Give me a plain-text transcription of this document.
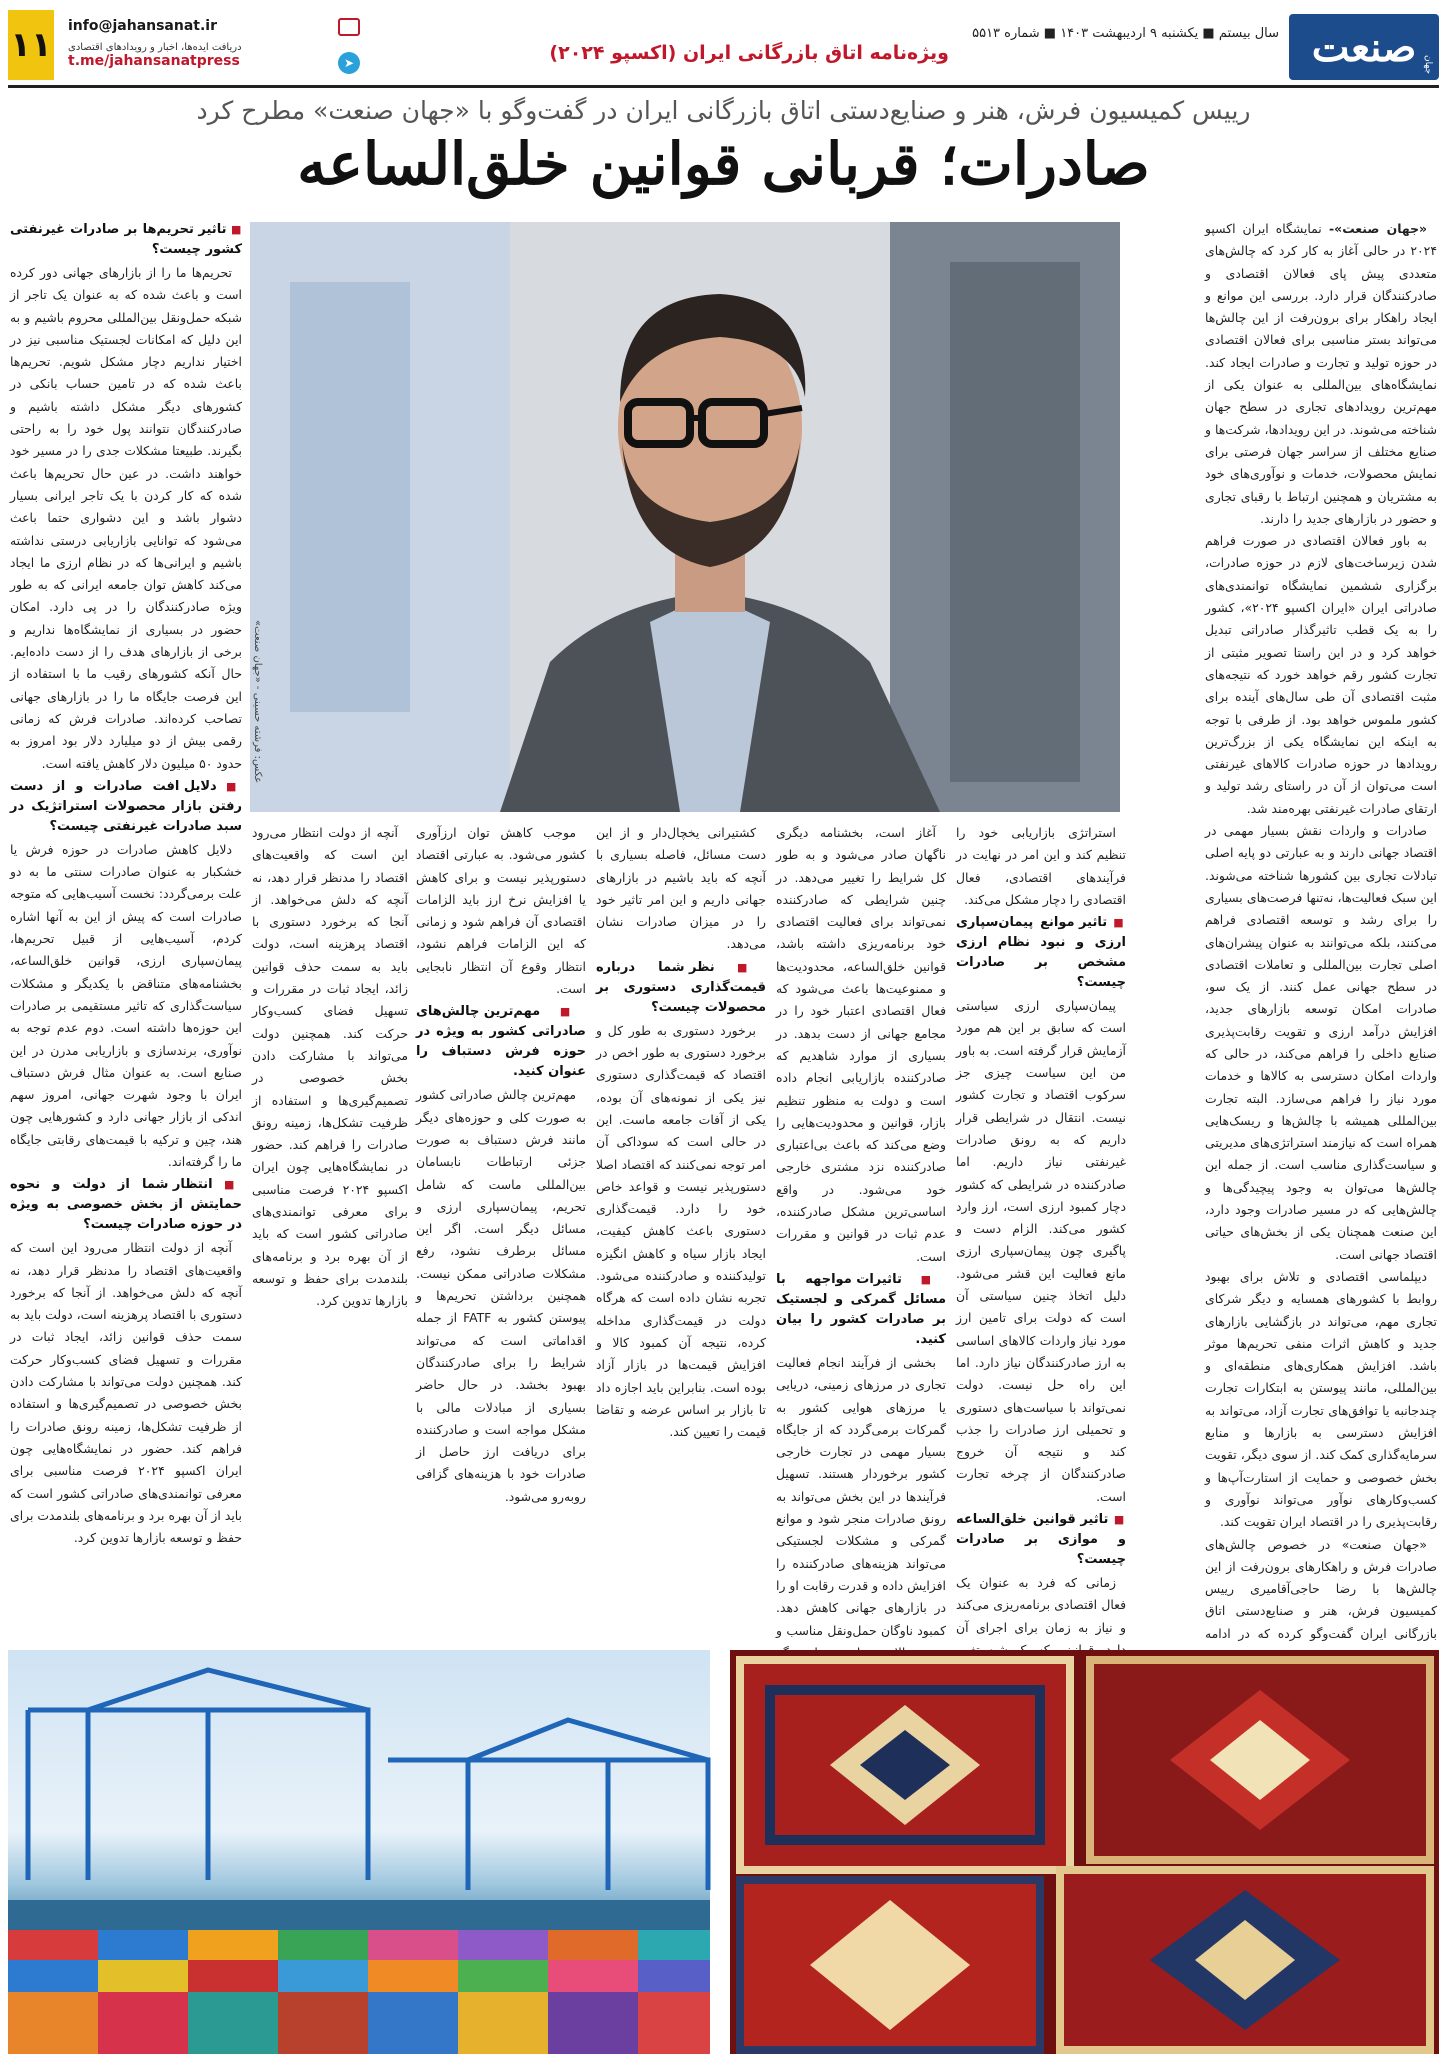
صنعت جهان
سال بیستم ■ یکشنبه ۹ اردیبهشت ۱۴۰۳ ■ شماره ۵۵۱۳
ویژه‌نامه اتاق بازرگانی ایران (اکسپو ۲۰۲۴)
➤
info@jahansanat.ir
دریافت ایده‌ها، اخبار و رویدادهای اقتصادی
t.me/jahansanatpress
۱۱
رییس کمیسیون فرش، هنر و صنایع‌دستی اتاق بازرگانی ایران در گفت‌وگو با «جهان صنعت» مطرح کرد
صادرات؛ قربانی قوانین خلق‌الساعه

«جهان صنعت»- نمایشگاه ایران اکسپو ۲۰۲۴ در حالی آغاز به کار کرد که چالش‌های متعددی پیش پای فعالان اقتصادی و صادرکنندگان قرار دارد. بررسی این موانع و ایجاد راهکار برای برون‌رفت از این چالش‌ها می‌تواند بستر مناسبی برای فعالان اقتصادی در حوزه تولید و تجارت و صادرات ایجاد کند. نمایشگاه‌های بین‌المللی به عنوان یکی از مهم‌ترین رویدادهای تجاری در سطح جهان شناخته می‌شوند. در این رویدادها، شرکت‌ها و صنایع مختلف از سراسر جهان فرصتی برای نمایش محصولات، خدمات و نوآوری‌های خود به مشتریان و همچنین ارتباط با رقبای تجاری و حضور در بازارهای جدید را دارند.

به باور فعالان اقتصادی در صورت فراهم شدن زیرساخت‌های لازم در حوزه صادرات، برگزاری ششمین نمایشگاه توانمندی‌های صادراتی ایران «ایران اکسپو ۲۰۲۴»، کشور را به یک قطب تاثیرگذار صادراتی تبدیل خواهد کرد و در این راستا تصویر مثبتی از تجارت کشور رقم خواهد خورد که نتیجه‌های مثبت اقتصادی آن طی سال‌های آینده برای کشور ملموس خواهد بود. از طرفی با توجه به اینکه این نمایشگاه یکی از بزرگ‌ترین رویدادها در حوزه صادرات کالاهای غیرنفتی است می‌توان از آن در راستای رشد تولید و ارتقای صادرات غیرنفتی بهره‌مند شد.

صادرات و واردات نقش بسیار مهمی در اقتصاد جهانی دارند و به عبارتی دو پایه اصلی تبادلات تجاری بین کشورها شناخته می‌شوند. این سبک فعالیت‌ها، نه‌تنها فرصت‌های بسیاری را برای رشد و توسعه اقتصادی فراهم می‌کنند، بلکه می‌توانند به عنوان پیشران‌های اصلی تجارت بین‌المللی و تعاملات اقتصادی در سطح جهانی عمل کنند. از یک سو، صادرات امکان توسعه بازارهای جدید، افزایش درآمد ارزی و تقویت رقابت‌پذیری صنایع داخلی را فراهم می‌کند، در حالی که واردات امکان دسترسی به کالاها و خدمات مورد نیاز را فراهم می‌سازد. البته تجارت بین‌المللی همیشه با چالش‌ها و ریسک‌هایی همراه است که نیازمند استراتژی‌های مدیریتی و سیاست‌گذاری مناسب است. از جمله این چالش‌ها می‌توان به وجود پیچیدگی‌ها و چالش‌هایی که در مسیر صادرات وجود دارد، این صنعت همچنان یکی از بخش‌های حیاتی اقتصاد جهانی است.

دیپلماسی اقتصادی و تلاش برای بهبود روابط با کشورهای همسایه و دیگر شرکای تجاری مهم، می‌تواند در بازگشایی بازارهای جدید و کاهش اثرات منفی تحریم‌ها موثر باشد. افزایش همکاری‌های منطقه‌ای و بین‌المللی، مانند پیوستن به ابتکارات تجارت چندجانبه یا توافق‌های تجارت آزاد، می‌تواند به افزایش دسترسی به بازارها و منابع سرمایه‌گذاری کمک کند. از سوی دیگر، تقویت بخش خصوصی و حمایت از استارت‌آپ‌ها و کسب‌وکارهای نوآور می‌تواند نوآوری و رقابت‌پذیری را در اقتصاد ایران تقویت کند.

«جهان صنعت» در خصوص چالش‌های صادرات فرش و راهکارهای برون‌رفت از این چالش‌ها با رضا حاجی‌آقامیری رییس کمیسیون فرش، هنر و صنایع‌دستی اتاق بازرگانی ایران گفت‌وگو کرده که در ادامه

■

■ تاثیر تحریم‌ها بر صادرات غیرنفتی کشور چیست؟

تحریم‌ها ما را از بازارهای جهانی دور کرده است و باعث شده که به عنوان یک تاجر از شبکه حمل‌ونقل بین‌المللی محروم باشیم و به این دلیل که امکانات لجستیک مناسبی نیز در اختیار نداریم دچار مشکل شویم. تحریم‌ها باعث شده که در تامین حساب بانکی در کشورهای دیگر مشکل داشته باشیم و صادرکنندگان نتوانند پول خود را به راحتی بگیرند. طبیعتا مشکلات جدی را در مسیر خود خواهند داشت. در عین حال تحریم‌ها باعث شده که کار کردن با یک تاجر ایرانی بسیار دشوار باشد و این دشواری حتما باعث می‌شود که توانایی بازاریابی درستی نداشته باشیم و ایرانی‌ها که در نظام ارزی ما ایجاد می‌کند کاهش توان جامعه ایرانی که به طور ویژه صادرکنندگان را در پی دارد. امکان حضور در بسیاری از نمایشگاه‌ها نداریم و برخی از بازارهای هدف را از دست داده‌ایم. حال آنکه کشورهای رقیب ما با استفاده از این فرصت جایگاه ما را در بازارهای جهانی تصاحب کرده‌اند. صادرات فرش که زمانی رقمی بیش از دو میلیارد دلار بود امروز به حدود ۵۰ میلیون دلار کاهش یافته است.

■ دلایل افت صادرات و از دست رفتن بازار محصولات استراتژیک در سبد صادرات غیرنفتی چیست؟

دلایل کاهش صادرات در حوزه فرش یا خشکبار به عنوان صادرات سنتی ما به دو علت برمی‌گردد: نخست آسیب‌هایی که متوجه صادرات است که پیش از این به آنها اشاره کردم، آسیب‌هایی از قبیل تحریم‌ها، پیمان‌سپاری ارزی، قوانین خلق‌الساعه، بخشنامه‌های متناقض با یکدیگر و مشکلات سیاست‌گذاری که تاثیر مستقیمی بر صادرات این حوزه‌ها داشته است. دوم عدم توجه به نوآوری، برندسازی و بازاریابی مدرن در این صنایع است. به عنوان مثال فرش دستباف ایران با وجود شهرت جهانی، امروز سهم اندکی از بازار جهانی دارد و کشورهایی چون هند، چین و ترکیه با قیمت‌های رقابتی جایگاه ما را گرفته‌اند.

■ انتظار شما از دولت و نحوه حمایتش از بخش خصوصی به ویژه در حوزه صادرات چیست؟

آنچه از دولت انتظار می‌رود این است که واقعیت‌های اقتصاد را مدنظر قرار دهد، نه آنچه که دلش می‌خواهد. از آنجا که برخورد دستوری با اقتصاد پرهزینه است، دولت باید به سمت حذف قوانین زائد، ایجاد ثبات در مقررات و تسهیل فضای کسب‌وکار حرکت کند. همچنین دولت می‌تواند با مشارکت دادن بخش خصوصی در تصمیم‌گیری‌ها و استفاده از ظرفیت تشکل‌ها، زمینه رونق صادرات را فراهم کند. حضور در نمایشگاه‌هایی چون ایران اکسپو ۲۰۲۴ فرصت مناسبی برای معرفی توانمندی‌های صادراتی کشور است که باید از آن بهره برد و برنامه‌های بلندمدت برای حفظ و توسعه بازارها تدوین کرد.

عکس: فرشته حسینی - «جهان صنعت»

استراتژی بازاریابی خود را تنظیم کند و این امر در نهایت در فرآیندهای اقتصادی، فعال اقتصادی را دچار مشکل می‌کند.

■ تاثیر موانع پیمان‌سپاری ارزی و نبود نظام ارزی مشخص بر صادرات چیست؟

پیمان‌سپاری ارزی سیاستی است که سابق بر این هم مورد آزمایش قرار گرفته است. به باور من این سیاست چیزی جز سرکوب اقتصاد و تجارت کشور نیست. انتقال در شرایطی قرار داریم که به رونق صادرات غیرنفتی نیاز داریم. اما صادرکننده در شرایطی که کشور دچار کمبود ارزی است، ارز وارد کشور می‌کند. الزام دست و پاگیری چون پیمان‌سپاری ارزی مانع فعالیت این قشر می‌شود. دلیل اتخاذ چنین سیاستی آن است که دولت برای تامین ارز مورد نیاز واردات کالاهای اساسی به ارز صادرکنندگان نیاز دارد. اما این راه حل نیست. دولت نمی‌تواند با سیاست‌های دستوری و تحمیلی ارز صادرات را جذب کند و نتیجه آن خروج صادرکنندگان از چرخه تجارت است.

■ تاثیر قوانین خلق‌الساعه و موازی بر صادرات چیست؟

زمانی که فرد به عنوان یک فعال اقتصادی برنامه‌ریزی می‌کند و نیاز به زمان برای اجرای آن

آغاز است، بخشنامه دیگری ناگهان صادر می‌شود و به طور کل شرایط را تغییر می‌دهد. در چنین شرایطی که صادرکننده نمی‌تواند برای فعالیت اقتصادی خود برنامه‌ریزی داشته باشد، قوانین خلق‌الساعه، محدودیت‌ها و ممنوعیت‌ها باعث می‌شود که فعال اقتصادی اعتبار خود را در مجامع جهانی از دست بدهد. در بسیاری از موارد شاهدیم که صادرکننده بازاریابی انجام داده است و دولت به منظور تنظیم بازار، قوانین و محدودیت‌هایی را وضع می‌کند که باعث بی‌اعتباری صادرکننده نزد مشتری خارجی خود می‌شود. در واقع اساسی‌ترین مشکل صادرکننده، عدم ثبات در قوانین و مقررات است.

■ تاثیرات مواجهه با مسائل گمرکی و لجستیک بر صادرات کشور را بیان کنید.

بخشی از فرآیند انجام فعالیت تجاری در مرزهای زمینی، دریایی یا مرزهای هوایی کشور به گمرکات برمی‌گردد که از جایگاه بسیار مهمی در تجارت خارجی کشور برخوردار هستند. تسهیل فرآیندها در این بخش می‌تواند به رونق صادرات منجر شود و موانع گمرکی و مشکلات لجستیکی می‌تواند هزینه‌های صادرکننده را افزایش داده و قدرت رقابت او را در بازارهای جهانی کاهش دهد. کمبود ناوگان حمل‌ونقل مناسب و

کشتیرانی یخچال‌دار و از این دست مسائل، فاصله بسیاری با آنچه که باید باشیم در بازارهای جهانی داریم و این امر تاثیر خود را در میزان صادرات نشان می‌دهد.

■ نظر شما درباره قیمت‌گذاری دستوری بر محصولات چیست؟

برخورد دستوری به طور کل و برخورد دستوری به طور اخص در اقتصاد که قیمت‌گذاری دستوری نیز یکی از نمونه‌های آن بوده، یکی از آفات جامعه ماست. این در حالی است که سوداکی آن امر توجه نمی‌کنند که اقتصاد اصلا دستورپذیر نیست و قواعد خاص خود را دارد. قیمت‌گذاری دستوری باعث کاهش کیفیت، ایجاد بازار سیاه و کاهش انگیزه تولیدکننده و صادرکننده می‌شود. تجربه نشان داده است که هرگاه دولت در قیمت‌گذاری مداخله کرده، نتیجه آن کمبود کالا و افزایش قیمت‌ها در بازار آزاد بوده است. بنابراین باید اجازه داد تا بازار بر اساس عرضه و تقاضا قیمت را تعیین کند.

موجب کاهش توان ارزآوری کشور می‌شود. به عبارتی اقتصاد دستورپذیر نیست و برای کاهش یا افزایش نرخ ارز باید الزامات اقتصادی آن فراهم شود و زمانی که این الزامات فراهم نشود، انتظار وقوع آن انتظار نابجایی است.

■ مهم‌ترین چالش‌های صادراتی کشور به ویژه در حوزه فرش دستباف را عنوان کنید.

مهم‌ترین چالش صادراتی کشور به صورت کلی و حوزه‌های دیگر مانند فرش دستباف به صورت جزئی ارتباطات نابسامان بین‌المللی ماست که شامل تحریم، پیمان‌سپاری ارزی و مسائل دیگر است. اگر این مسائل برطرف نشود، رفع مشکلات صادراتی ممکن نیست. همچنین برداشتن تحریم‌ها و پیوستن کشور به FATF از جمله اقداماتی است که می‌تواند شرایط را برای صادرکنندگان بهبود بخشد. در حال حاضر بسیاری از مبادلات مالی با مشکل مواجه است و صادرکننده برای دریافت ارز حاصل از صادرات خود با هزینه‌های گزافی روبه‌رو می‌شود.

آنچه از دولت انتظار می‌رود این است که واقعیت‌های اقتصاد را مدنظر قرار دهد، نه آنچه که دلش می‌خواهد. از آنجا که برخورد دستوری با اقتصاد پرهزینه است، دولت باید به سمت حذف قوانین زائد، ایجاد ثبات در مقررات و تسهیل فضای کسب‌وکار حرکت کند. همچنین دولت می‌تواند با مشارکت دادن بخش خصوصی در تصمیم‌گیری‌ها و استفاده از ظرفیت تشکل‌ها، زمینه رونق صادرات را فراهم کند. حضور در نمایشگاه‌هایی چون ایران اکسپو ۲۰۲۴ فرصت مناسبی برای معرفی توانمندی‌های صادراتی کشور است که باید از آن بهره برد و برنامه‌های بلندمدت برای حفظ و توسعه بازارها تدوین کرد.
